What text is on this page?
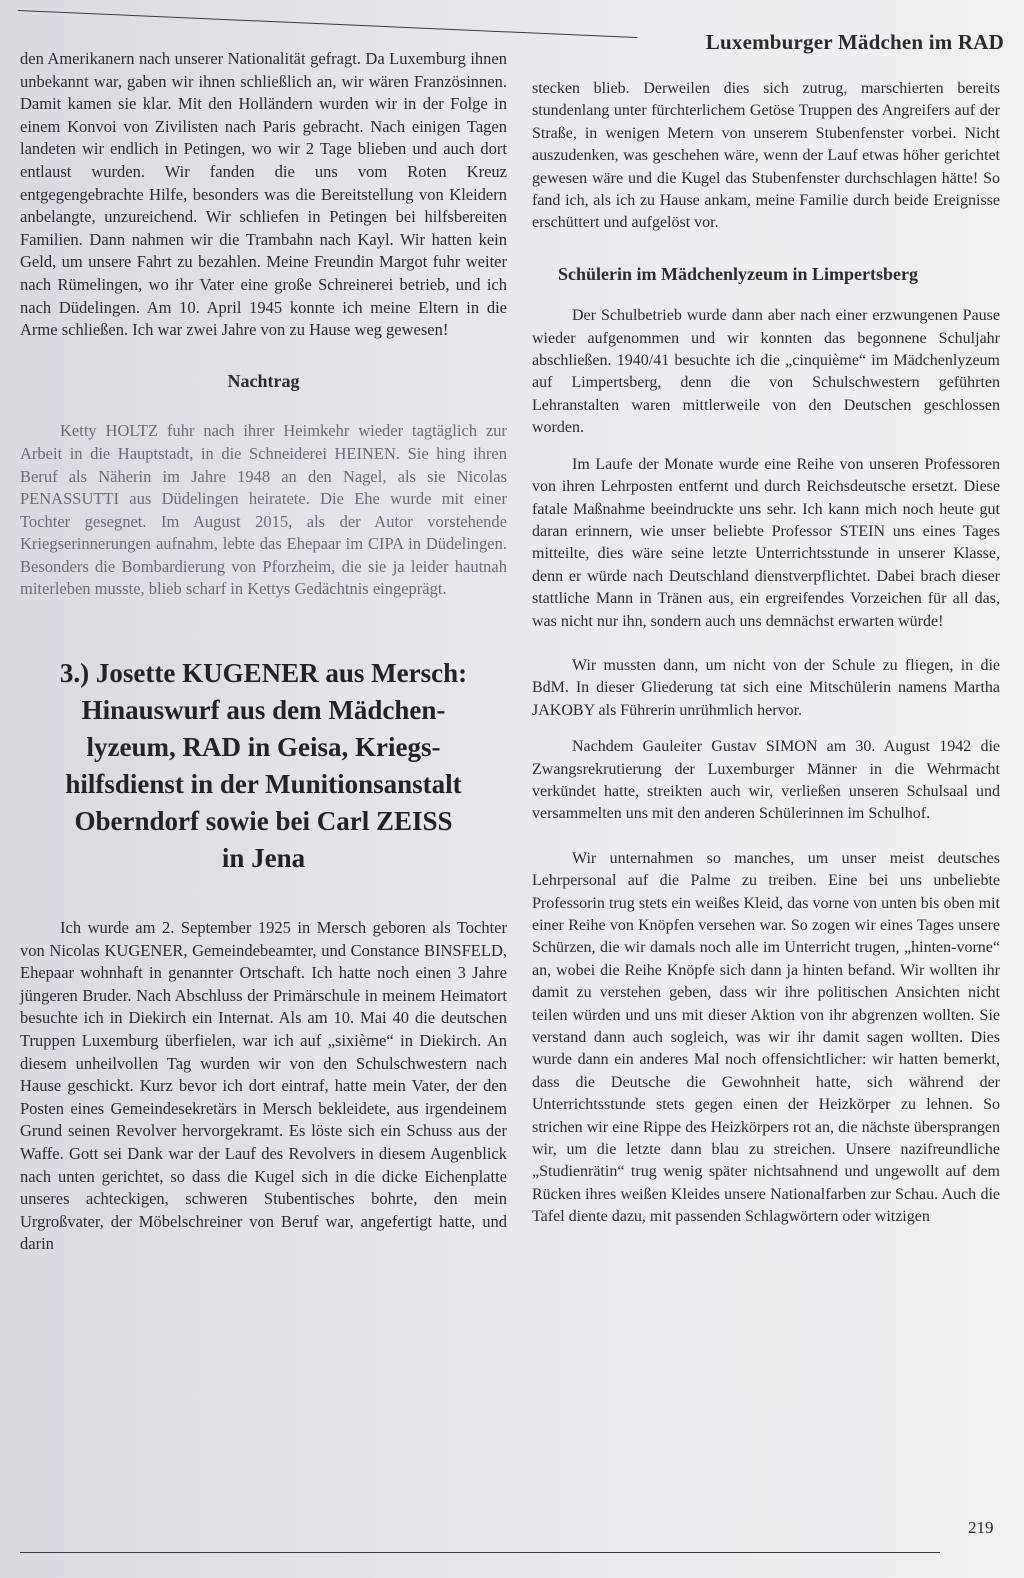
Luxemburger Mädchen im RAD

den Amerikanern nach unserer Nationalität gefragt. Da Luxemburg ihnen unbekannt war, gaben wir ihnen schließlich an, wir wären Französinnen. Damit kamen sie klar. Mit den Holländern wurden wir in der Folge in einem Konvoi von Zivilisten nach Paris gebracht. Nach einigen Tagen landeten wir endlich in Petingen, wo wir 2 Tage blieben und auch dort entlaust wurden. Wir fanden die uns vom Roten Kreuz entgegengebrachte Hilfe, besonders was die Bereitstellung von Kleidern anbelangte, unzureichend. Wir schliefen in Petingen bei hilfsbereiten Familien. Dann nahmen wir die Trambahn nach Kayl. Wir hatten kein Geld, um unsere Fahrt zu bezahlen. Meine Freundin Margot fuhr weiter nach Rümelingen, wo ihr Vater eine große Schreinerei betrieb, und ich nach Düdelingen. Am 10. April 1945 konnte ich meine Eltern in die Arme schließen. Ich war zwei Jahre von zu Hause weg gewesen!

Nachtrag

Ketty HOLTZ fuhr nach ihrer Heimkehr wieder tagtäglich zur Arbeit in die Hauptstadt, in die Schneiderei HEINEN. Sie hing ihren Beruf als Näherin im Jahre 1948 an den Nagel, als sie Nicolas PENASSUTTI aus Düdelingen heiratete. Die Ehe wurde mit einer Tochter gesegnet. Im August 2015, als der Autor vorstehende Kriegserinnerungen aufnahm, lebte das Ehepaar im CIPA in Düdelingen. Besonders die Bombardierung von Pforzheim, die sie ja leider hautnah miterleben musste, blieb scharf in Kettys Gedächtnis eingeprägt.

3.) Josette KUGENER aus Mersch:
Hinauswurf aus dem Mädchen-
lyzeum, RAD in Geisa, Kriegs-
hilfsdienst in der Munitionsanstalt
Oberndorf sowie bei Carl ZEISS
in Jena

Ich wurde am 2. September 1925 in Mersch geboren als Tochter von Nicolas KUGENER, Gemeindebeamter, und Constance BINSFELD, Ehepaar wohnhaft in genannter Ortschaft. Ich hatte noch einen 3 Jahre jüngeren Bruder. Nach Abschluss der Primärschule in meinem Heimatort besuchte ich in Diekirch ein Internat. Als am 10. Mai 40 die deutschen Truppen Luxemburg überfielen, war ich auf „sixième“ in Diekirch. An diesem unheilvollen Tag wurden wir von den Schulschwestern nach Hause geschickt. Kurz bevor ich dort eintraf, hatte mein Vater, der den Posten eines Gemeindesekretärs in Mersch bekleidete, aus irgendeinem Grund seinen Revolver hervorgekramt. Es löste sich ein Schuss aus der Waffe. Gott sei Dank war der Lauf des Revolvers in diesem Augenblick nach unten gerichtet, so dass die Kugel sich in die dicke Eichenplatte unseres achteckigen, schweren Stubentisches bohrte, den mein Urgroßvater, der Möbelschreiner von Beruf war, angefertigt hatte, und darin

stecken blieb. Derweilen dies sich zutrug, marschierten bereits stundenlang unter fürchterlichem Getöse Truppen des Angreifers auf der Straße, in wenigen Metern von unserem Stubenfenster vorbei. Nicht auszudenken, was geschehen wäre, wenn der Lauf etwas höher gerichtet gewesen wäre und die Kugel das Stubenfenster durchschlagen hätte! So fand ich, als ich zu Hause ankam, meine Familie durch beide Ereignisse erschüttert und aufgelöst vor.

Schülerin im Mädchenlyzeum in Limpertsberg

Der Schulbetrieb wurde dann aber nach einer erzwungenen Pause wieder aufgenommen und wir konnten das begonnene Schuljahr abschließen. 1940/41 besuchte ich die „cinquième“ im Mädchenlyzeum auf Limpertsberg, denn die von Schulschwestern geführten Lehranstalten waren mittlerweile von den Deutschen geschlossen worden.

Im Laufe der Monate wurde eine Reihe von unseren Professoren von ihren Lehrposten entfernt und durch Reichsdeutsche ersetzt. Diese fatale Maßnahme beeindruckte uns sehr. Ich kann mich noch heute gut daran erinnern, wie unser beliebte Professor STEIN uns eines Tages mitteilte, dies wäre seine letzte Unterrichtsstunde in unserer Klasse, denn er würde nach Deutschland dienstverpflichtet. Dabei brach dieser stattliche Mann in Tränen aus, ein ergreifendes Vorzeichen für all das, was nicht nur ihn, sondern auch uns demnächst erwarten würde!

Wir mussten dann, um nicht von der Schule zu fliegen, in die BdM. In dieser Gliederung tat sich eine Mitschülerin namens Martha JAKOBY als Führerin unrühmlich hervor.

Nachdem Gauleiter Gustav SIMON am 30. August 1942 die Zwangsrekrutierung der Luxemburger Männer in die Wehrmacht verkündet hatte, streikten auch wir, verließen unseren Schulsaal und versammelten uns mit den anderen Schülerinnen im Schulhof.

Wir unternahmen so manches, um unser meist deutsches Lehrpersonal auf die Palme zu treiben. Eine bei uns unbeliebte Professorin trug stets ein weißes Kleid, das vorne von unten bis oben mit einer Reihe von Knöpfen versehen war. So zogen wir eines Tages unsere Schürzen, die wir damals noch alle im Unterricht trugen, „hinten-vorne“ an, wobei die Reihe Knöpfe sich dann ja hinten befand. Wir wollten ihr damit zu verstehen geben, dass wir ihre politischen Ansichten nicht teilen würden und uns mit dieser Aktion von ihr abgrenzen wollten. Sie verstand dann auch sogleich, was wir ihr damit sagen wollten. Dies wurde dann ein anderes Mal noch offensichtlicher: wir hatten bemerkt, dass die Deutsche die Gewohnheit hatte, sich während der Unterrichtsstunde stets gegen einen der Heizkörper zu lehnen. So strichen wir eine Rippe des Heizkörpers rot an, die nächste übersprangen wir, um die letzte dann blau zu streichen. Unsere nazifreundliche „Studienrätin“ trug wenig später nichtsahnend und ungewollt auf dem Rücken ihres weißen Kleides unsere Nationalfarben zur Schau. Auch die Tafel diente dazu, mit passenden Schlagwörtern oder witzigen

219
